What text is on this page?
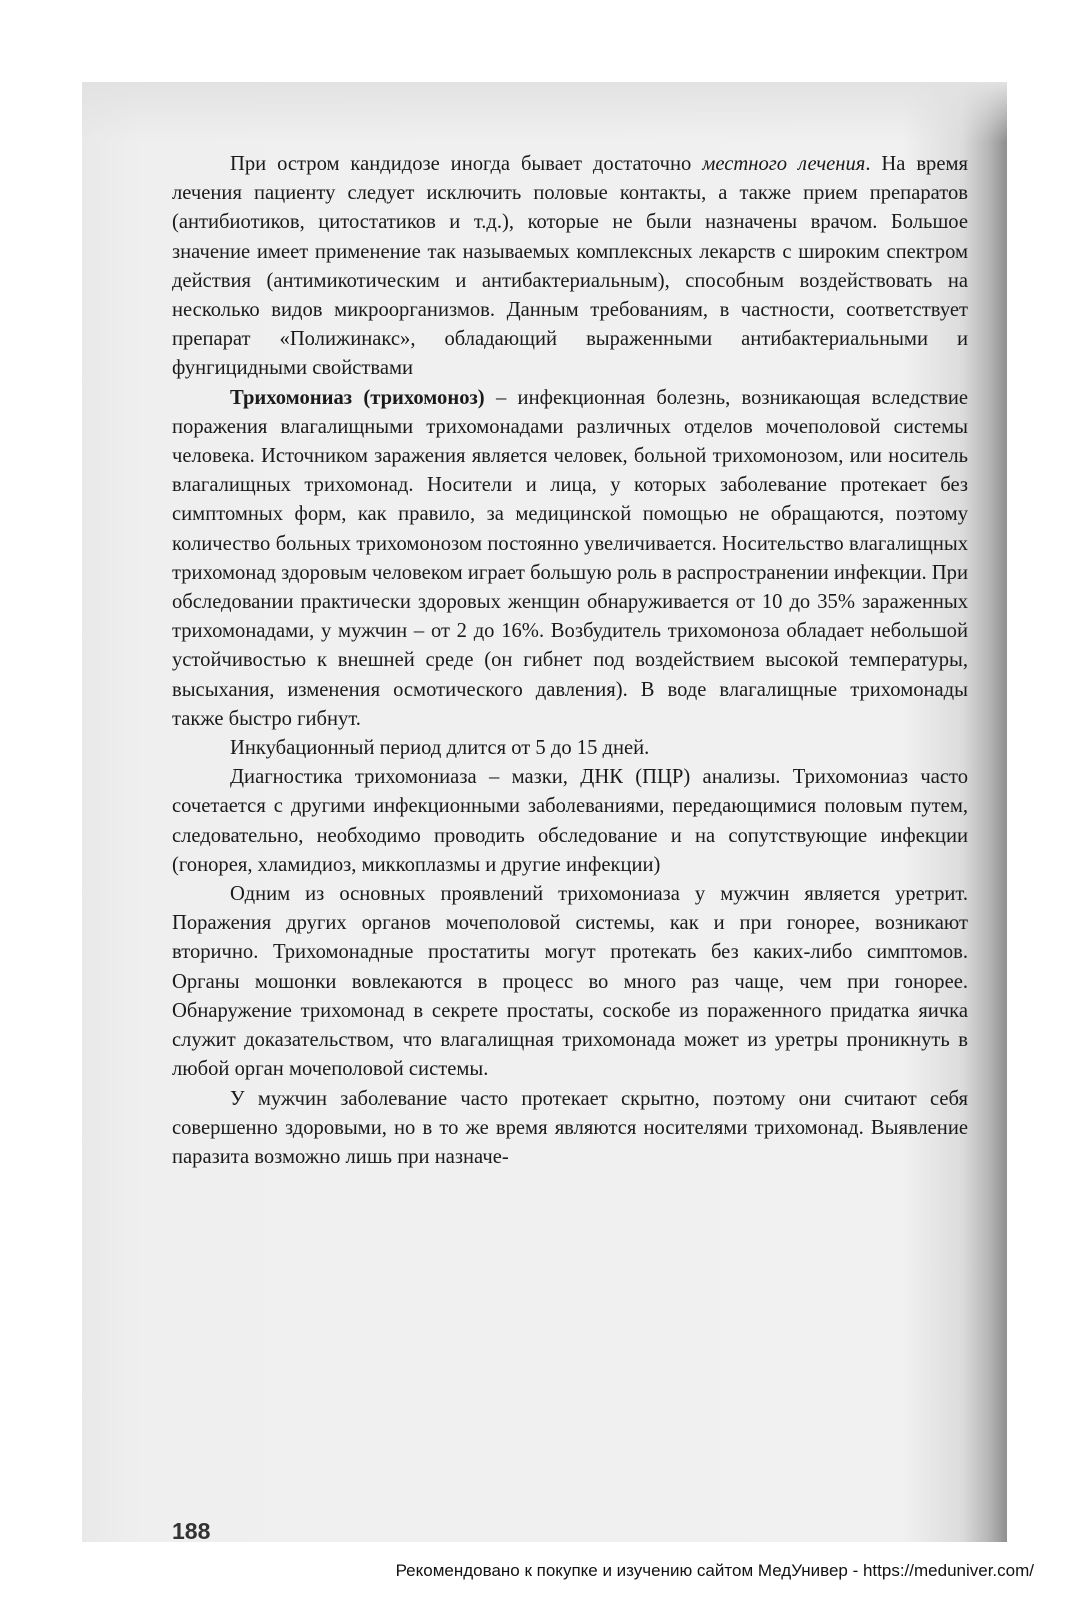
При остром кандидозе иногда бывает достаточно местного лечения. На время лечения пациенту следует исключить половые контакты, а также прием препаратов (антибиотиков, цитостатиков и т.д.), которые не были назначены врачом. Большое значение имеет применение так называемых комплексных лекарств с широким спектром действия (антимикотическим и антибактериальным), способным воздействовать на несколько видов микроорганизмов. Данным требованиям, в частности, соответствует препарат «Полижинакс», обладающий выраженными антибактериальными и фунгицидными свойствами

Трихомониаз (трихомоноз) – инфекционная болезнь, возникающая вследствие поражения влагалищными трихомонадами различных отделов мочеполовой системы человека. Источником заражения является человек, больной трихомонозом, или носитель влагалищных трихомонад. Носители и лица, у которых заболевание протекает без симптомных форм, как правило, за медицинской помощью не обращаются, поэтому количество больных трихомонозом постоянно увеличивается. Носительство влагалищных трихомонад здоровым человеком играет большую роль в распространении инфекции. При обследовании практически здоровых женщин обнаруживается от 10 до 35% зараженных трихомонадами, у мужчин – от 2 до 16%. Возбудитель трихомоноза обладает небольшой устойчивостью к внешней среде (он гибнет под воздействием высокой температуры, высыхания, изменения осмотического давления). В воде влагалищные трихомонады также быстро гибнут.

Инкубационный период длится от 5 до 15 дней.

Диагностика трихомониаза – мазки, ДНК (ПЦР) анализы. Трихомониаз часто сочетается с другими инфекционными заболеваниями, передающимися половым путем, следовательно, необходимо проводить обследование и на сопутствующие инфекции (гонорея, хламидиоз, миккоплазмы и другие инфекции)

Одним из основных проявлений трихомониаза у мужчин является уретрит. Поражения других органов мочеполовой системы, как и при гонорее, возникают вторично. Трихомонадные простатиты могут протекать без каких-либо симптомов. Органы мошонки вовлекаются в процесс во много раз чаще, чем при гонорее. Обнаружение трихомонад в секрете простаты, соскобе из пораженного придатка яичка служит доказательством, что влагалищная трихомонада может из уретры проникнуть в любой орган мочеполовой системы.

У мужчин заболевание часто протекает скрытно, поэтому они считают себя совершенно здоровыми, но в то же время являются носителями трихомонад. Выявление паразита возможно лишь при назначе-

188
Рекомендовано к покупке и изучению сайтом МедУнивер - https://meduniver.com/
